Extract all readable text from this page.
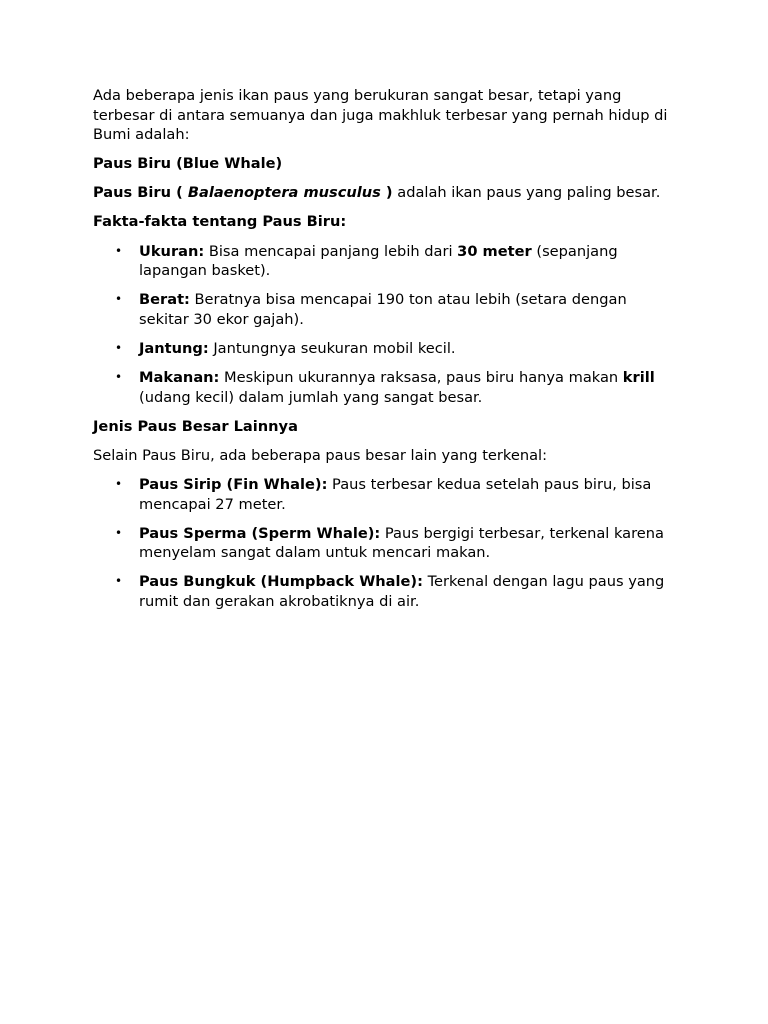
Ada beberapa jenis ikan paus yang berukuran sangat besar, tetapi yang terbesar di antara semuanya dan juga makhluk terbesar yang pernah hidup di Bumi adalah:

Paus Biru (Blue Whale)

Paus Biru ( Balaenoptera musculus ) adalah ikan paus yang paling besar.

Fakta-fakta tentang Paus Biru:

• Ukuran: Bisa mencapai panjang lebih dari 30 meter (sepanjang lapangan basket).
• Berat: Beratnya bisa mencapai 190 ton atau lebih (setara dengan sekitar 30 ekor gajah).
• Jantung: Jantungnya seukuran mobil kecil.
• Makanan: Meskipun ukurannya raksasa, paus biru hanya makan krill (udang kecil) dalam jumlah yang sangat besar.

Jenis Paus Besar Lainnya

Selain Paus Biru, ada beberapa paus besar lain yang terkenal:

• Paus Sirip (Fin Whale): Paus terbesar kedua setelah paus biru, bisa mencapai 27 meter.
• Paus Sperma (Sperm Whale): Paus bergigi terbesar, terkenal karena menyelam sangat dalam untuk mencari makan.
• Paus Bungkuk (Humpback Whale): Terkenal dengan lagu paus yang rumit dan gerakan akrobatiknya di air.
